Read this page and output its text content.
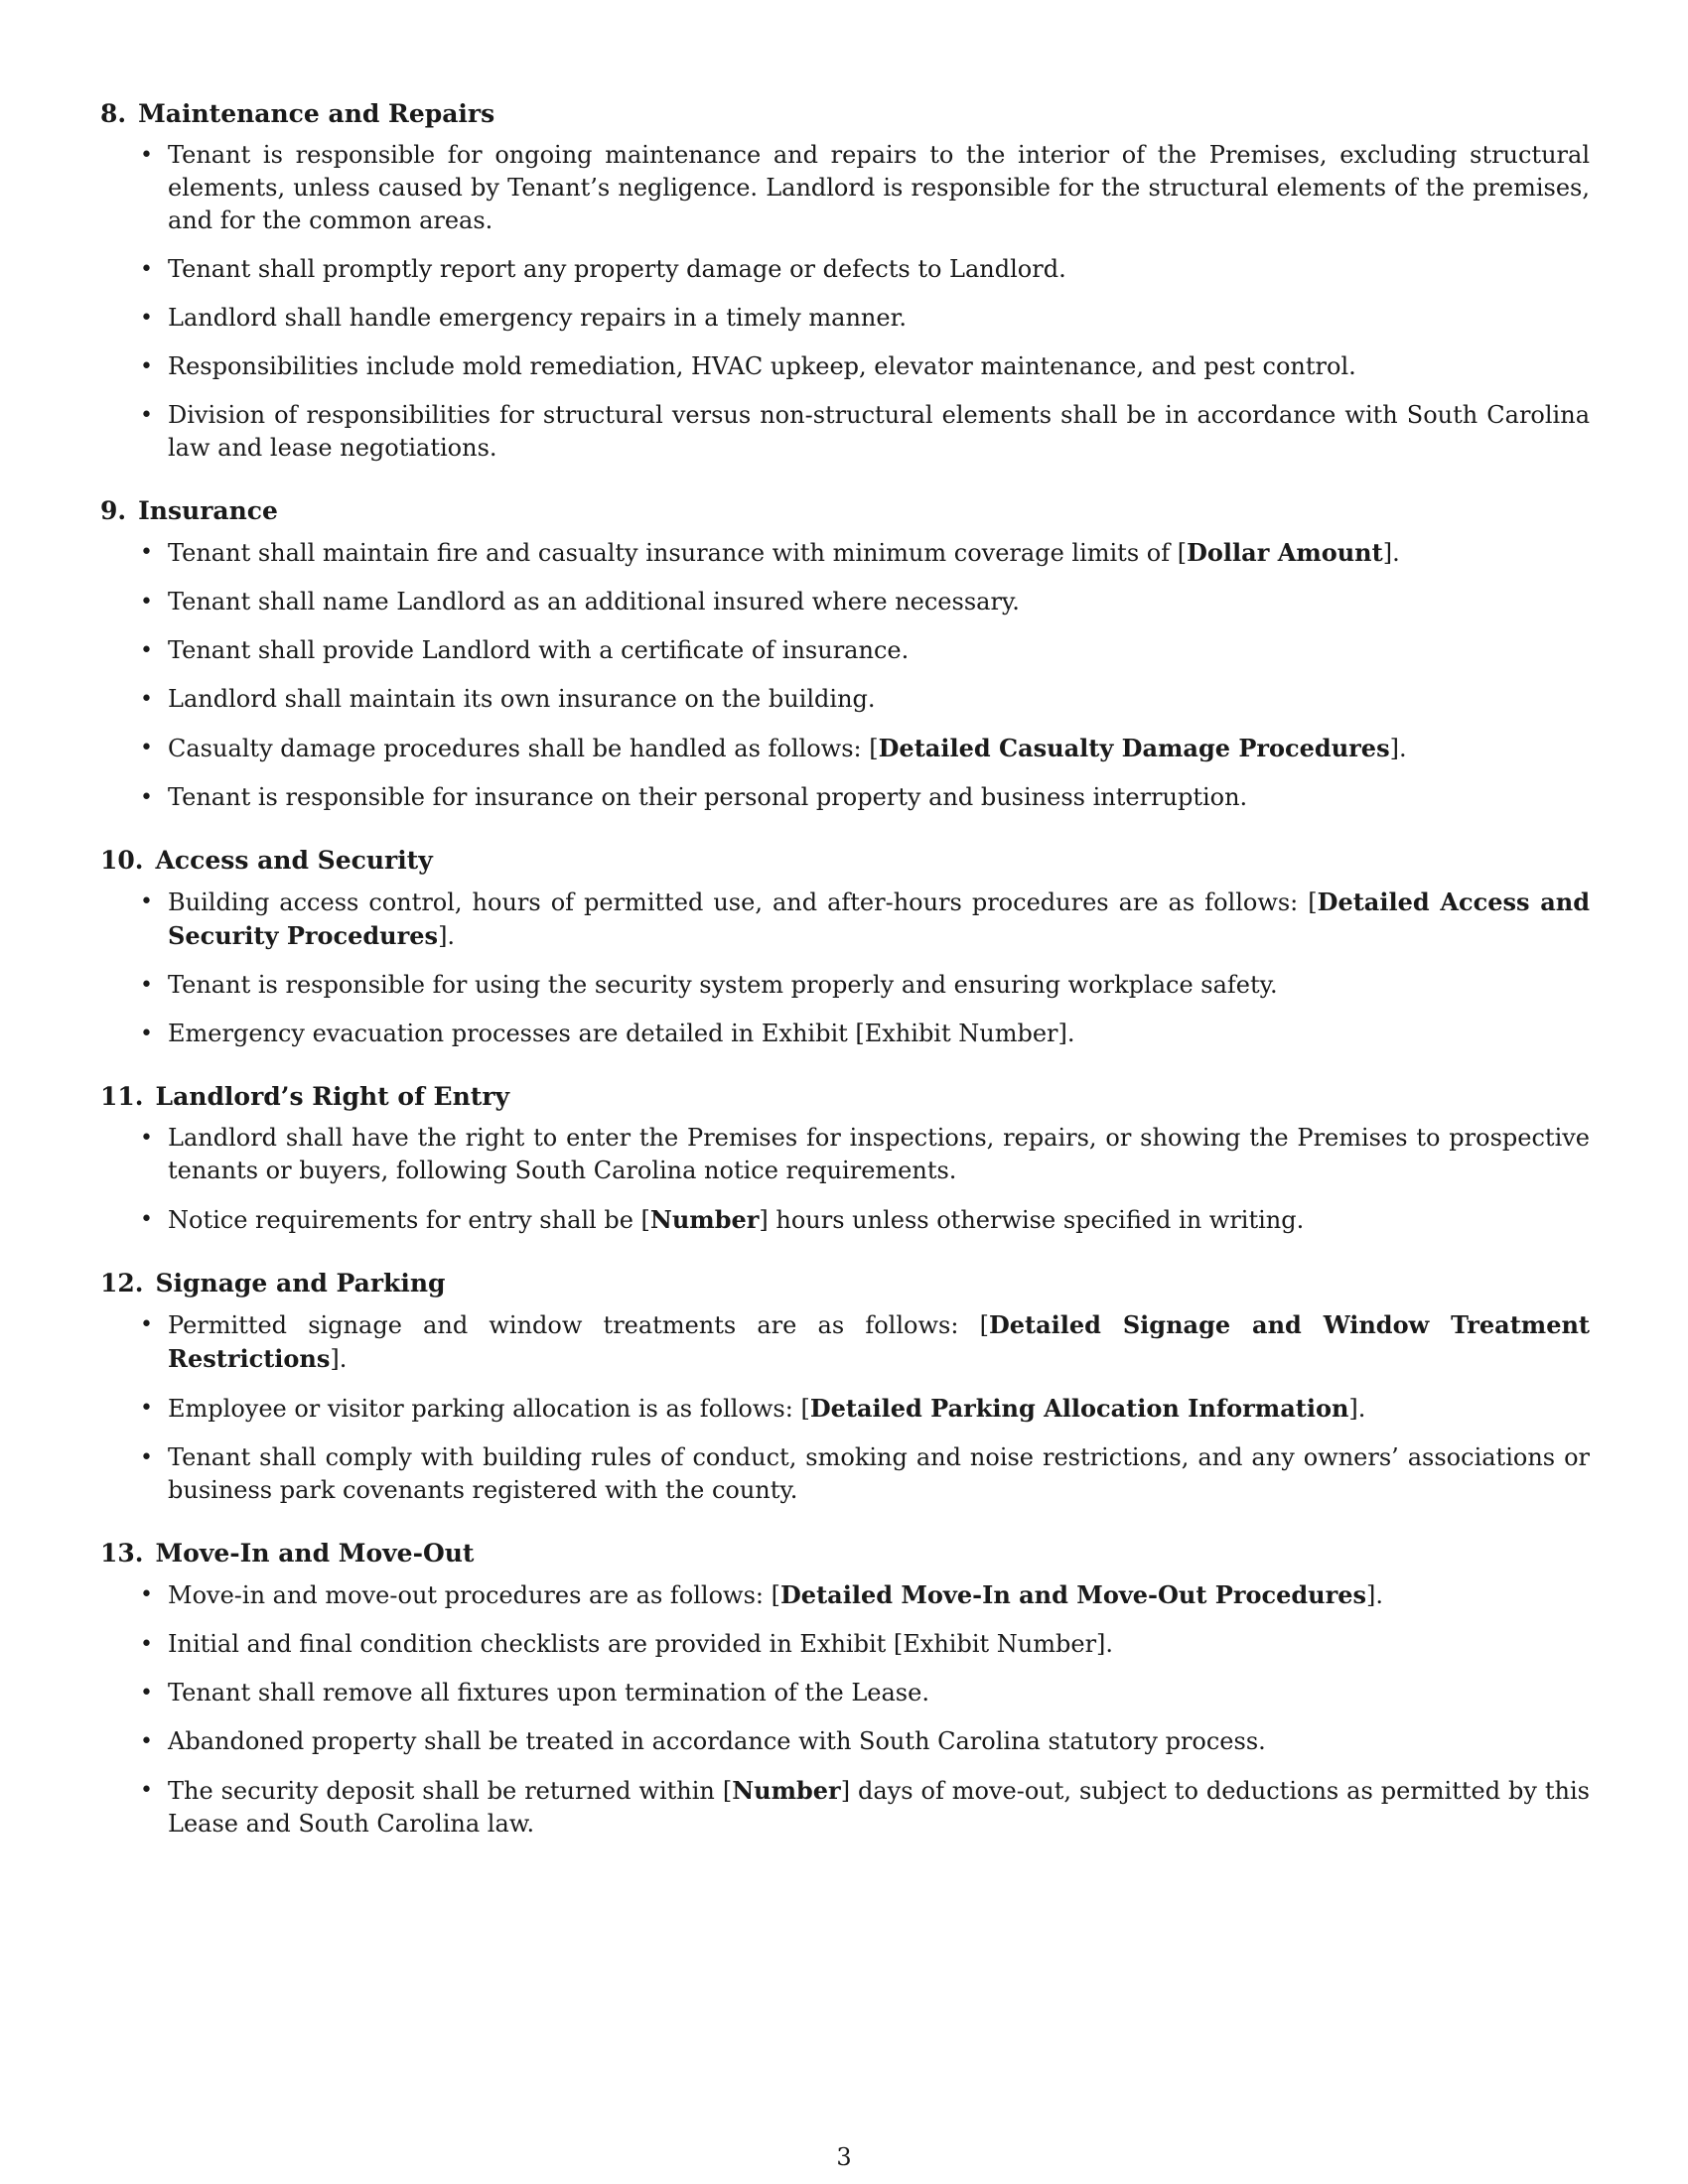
8. Maintenance and Repairs
• Tenant is responsible for ongoing maintenance and repairs to the interior of the Premises, excluding structural elements, unless caused by Tenant’s negligence. Landlord is responsible for the structural elements of the premises, and for the common areas.
• Tenant shall promptly report any property damage or defects to Landlord.
• Landlord shall handle emergency repairs in a timely manner.
• Responsibilities include mold remediation, HVAC upkeep, elevator maintenance, and pest control.
• Division of responsibilities for structural versus non-structural elements shall be in accordance with South Carolina law and lease negotiations.
9. Insurance
• Tenant shall maintain fire and casualty insurance with minimum coverage limits of [Dollar Amount].
• Tenant shall name Landlord as an additional insured where necessary.
• Tenant shall provide Landlord with a certificate of insurance.
• Landlord shall maintain its own insurance on the building.
• Casualty damage procedures shall be handled as follows: [Detailed Casualty Damage Procedures].
• Tenant is responsible for insurance on their personal property and business interruption.
10. Access and Security
• Building access control, hours of permitted use, and after-hours procedures are as follows: [Detailed Access and Security Procedures].
• Tenant is responsible for using the security system properly and ensuring workplace safety.
• Emergency evacuation processes are detailed in Exhibit [Exhibit Number].
11. Landlord’s Right of Entry
• Landlord shall have the right to enter the Premises for inspections, repairs, or showing the Premises to prospective tenants or buyers, following South Carolina notice requirements.
• Notice requirements for entry shall be [Number] hours unless otherwise specified in writing.
12. Signage and Parking
• Permitted signage and window treatments are as follows: [Detailed Signage and Window Treatment Restrictions].
• Employee or visitor parking allocation is as follows: [Detailed Parking Allocation Information].
• Tenant shall comply with building rules of conduct, smoking and noise restrictions, and any owners’ associations or business park covenants registered with the county.
13. Move-In and Move-Out
• Move-in and move-out procedures are as follows: [Detailed Move-In and Move-Out Procedures].
• Initial and final condition checklists are provided in Exhibit [Exhibit Number].
• Tenant shall remove all fixtures upon termination of the Lease.
• Abandoned property shall be treated in accordance with South Carolina statutory process.
• The security deposit shall be returned within [Number] days of move-out, subject to deductions as permitted by this Lease and South Carolina law.
3
